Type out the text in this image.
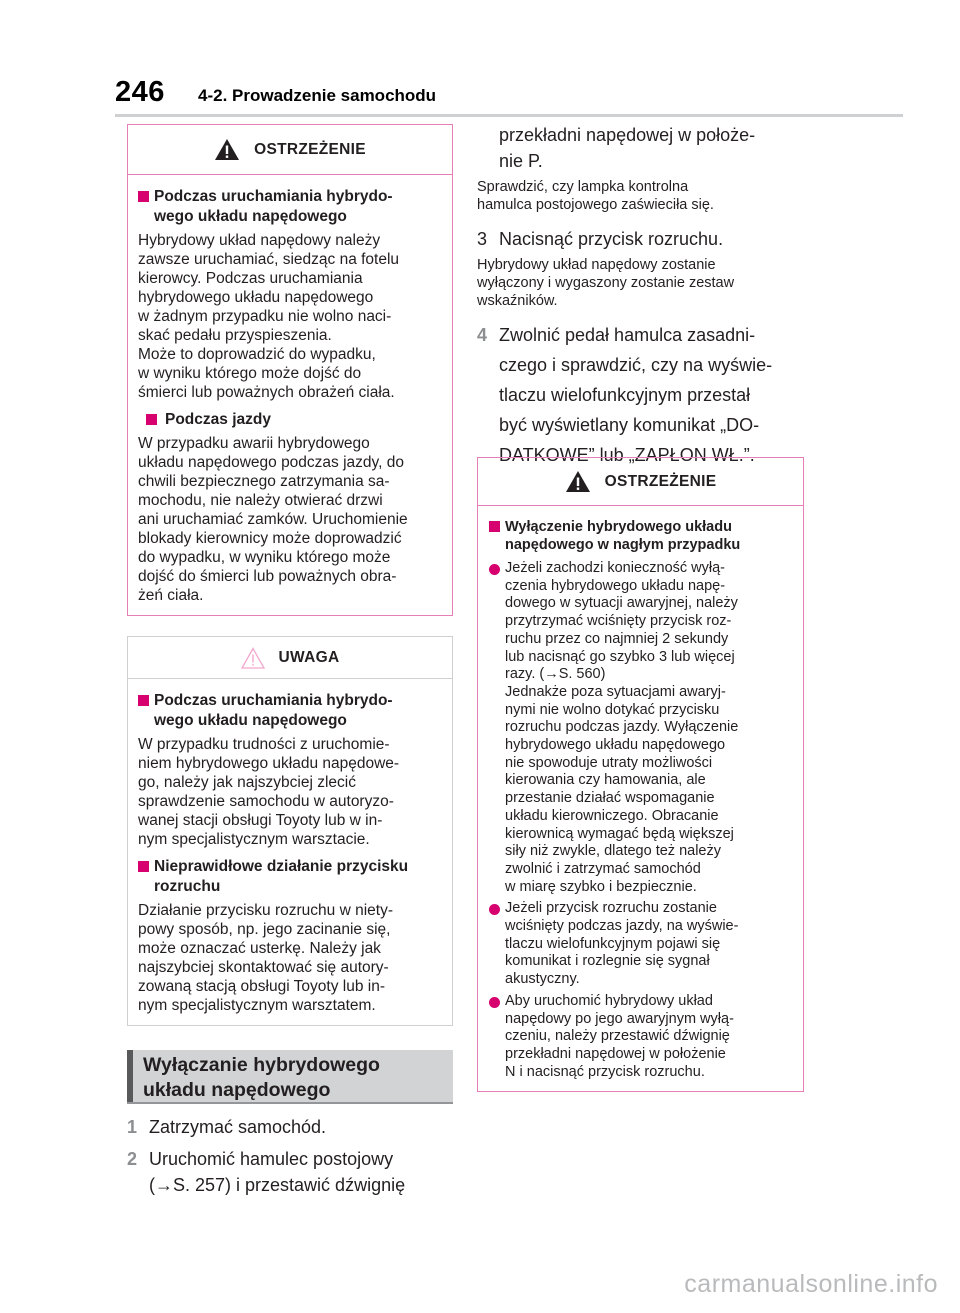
246 4-2. Prowadzenie samochodu
OSTRZEŻENIE
Podczas uruchamiania hybrydo-
wego układu napędowego
Hybrydowy układ napędowy należy
zawsze uruchamiać, siedząc na fotelu
kierowcy. Podczas uruchamiania
hybrydowego układu napędowego
w żadnym przypadku nie wolno naci-
skać pedału przyspieszenia.
Może to doprowadzić do wypadku,
w wyniku którego może dojść do
śmierci lub poważnych obrażeń ciała.
Podczas jazdy
W przypadku awarii hybrydowego
układu napędowego podczas jazdy, do
chwili bezpiecznego zatrzymania sa-
mochodu, nie należy otwierać drzwi
ani uruchamiać zamków. Uruchomienie
blokady kierownicy może doprowadzić
do wypadku, w wyniku którego może
dojść do śmierci lub poważnych obra-
żeń ciała.
UWAGA
Podczas uruchamiania hybrydo-
wego układu napędowego
W przypadku trudności z uruchomie-
niem hybrydowego układu napędowe-
go, należy jak najszybciej zlecić
sprawdzenie samochodu w autoryzo-
wanej stacji obsługi Toyoty lub w in-
nym specjalistycznym warsztacie.
Nieprawidłowe działanie przycisku
rozruchu
Działanie przycisku rozruchu w niety-
powy sposób, np. jego zacinanie się,
może oznaczać usterkę. Należy jak
najszybciej skontaktować się autory-
zowaną stacją obsługi Toyoty lub in-
nym specjalistycznym warsztatem.
Wyłączanie hybrydowego
układu napędowego
1 Zatrzymać samochód.
2 Uruchomić hamulec postojowy
(→S. 257) i przestawić dźwignię
przekładni napędowej w położe-
nie P.
Sprawdzić, czy lampka kontrolna
hamulca postojowego zaświeciła się.
3 Nacisnąć przycisk rozruchu.
Hybrydowy układ napędowy zostanie
wyłączony i wygaszony zostanie zestaw
wskaźników.
4 Zwolnić pedał hamulca zasadni-
czego i sprawdzić, czy na wyświe-
tlaczu wielofunkcyjnym przestał
być wyświetlany komunikat „DO-
DATKOWE” lub „ZAPŁON WŁ.”.
OSTRZEŻENIE
Wyłączenie hybrydowego układu
napędowego w nagłym przypadku
Jeżeli zachodzi konieczność wyłą-
czenia hybrydowego układu napę-
dowego w sytuacji awaryjnej, należy
przytrzymać wciśnięty przycisk roz-
ruchu przez co najmniej 2 sekundy
lub nacisnąć go szybko 3 lub więcej
razy. (→S. 560)
Jednakże poza sytuacjami awaryj-
nymi nie wolno dotykać przycisku
rozruchu podczas jazdy. Wyłączenie
hybrydowego układu napędowego
nie spowoduje utraty możliwości
kierowania czy hamowania, ale
przestanie działać wspomaganie
układu kierowniczego. Obracanie
kierownicą wymagać będą większej
siły niż zwykle, dlatego też należy
zwolnić i zatrzymać samochód
w miarę szybko i bezpiecznie.
Jeżeli przycisk rozruchu zostanie
wciśnięty podczas jazdy, na wyświe-
tlaczu wielofunkcyjnym pojawi się
komunikat i rozlegnie się sygnał
akustyczny.
Aby uruchomić hybrydowy układ
napędowy po jego awaryjnym wyłą-
czeniu, należy przestawić dźwignię
przekładni napędowej w położenie
N i nacisnąć przycisk rozruchu.
carmanualsonline.info
